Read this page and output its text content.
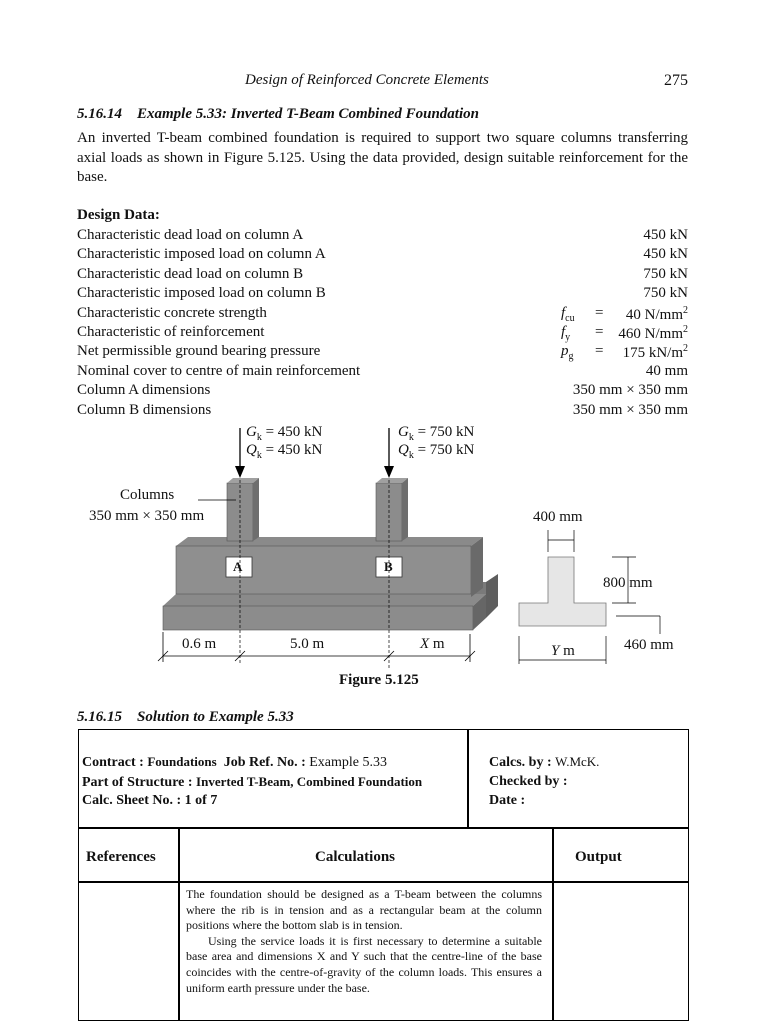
Design of Reinforced Concrete Elements	275
5.16.14 Example 5.33: Inverted T-Beam Combined Foundation
An inverted T-beam combined foundation is required to support two square columns transferring axial loads as shown in Figure 5.125. Using the data provided, design suitable reinforcement for the base.
Design Data:
Characteristic dead load on column A	450 kN
Characteristic imposed load on column A	450 kN
Characteristic dead load on column B	750 kN
Characteristic imposed load on column B	750 kN
Characteristic concrete strength	$f_{cu} = 40$ $N/mm^2$
Characteristic of reinforcement	$f_y = 460$ $N/mm^2$
Net permissible ground bearing pressure	$p_g = 175$ $kN/m^2$
Nominal cover to centre of main reinforcement	40 mm
Column A dimensions	350 mm × 350 mm
Column B dimensions	350 mm × 350 mm
$G_k = 450$ kN
$Q_k = 450$ kN
$G_k = 750$ kN
$Q_k = 750$ kN
Columns
350 mm × 350 mm
A	B
0.6 m	5.0 m	X m
400 mm
800 mm
460 mm
Y m
Figure 5.125
5.16.15 Solution to Example 5.33
Contract : Foundations Job Ref. No. : Example 5.33
Part of Structure : Inverted T-Beam, Combined Foundation
Calc. Sheet No. : 1 of 7
Calcs. by : W.McK.
Checked by :
Date :
References	Calculations	Output
The foundation should be designed as a T-beam between the columns where the rib is in tension and as a rectangular beam at the column positions where the bottom slab is in tension.
Using the service loads it is first necessary to determine a suitable base area and dimensions X and Y such that the centre-line of the base coincides with the centre-of-gravity of the column loads. This ensures a uniform earth pressure under the base.
